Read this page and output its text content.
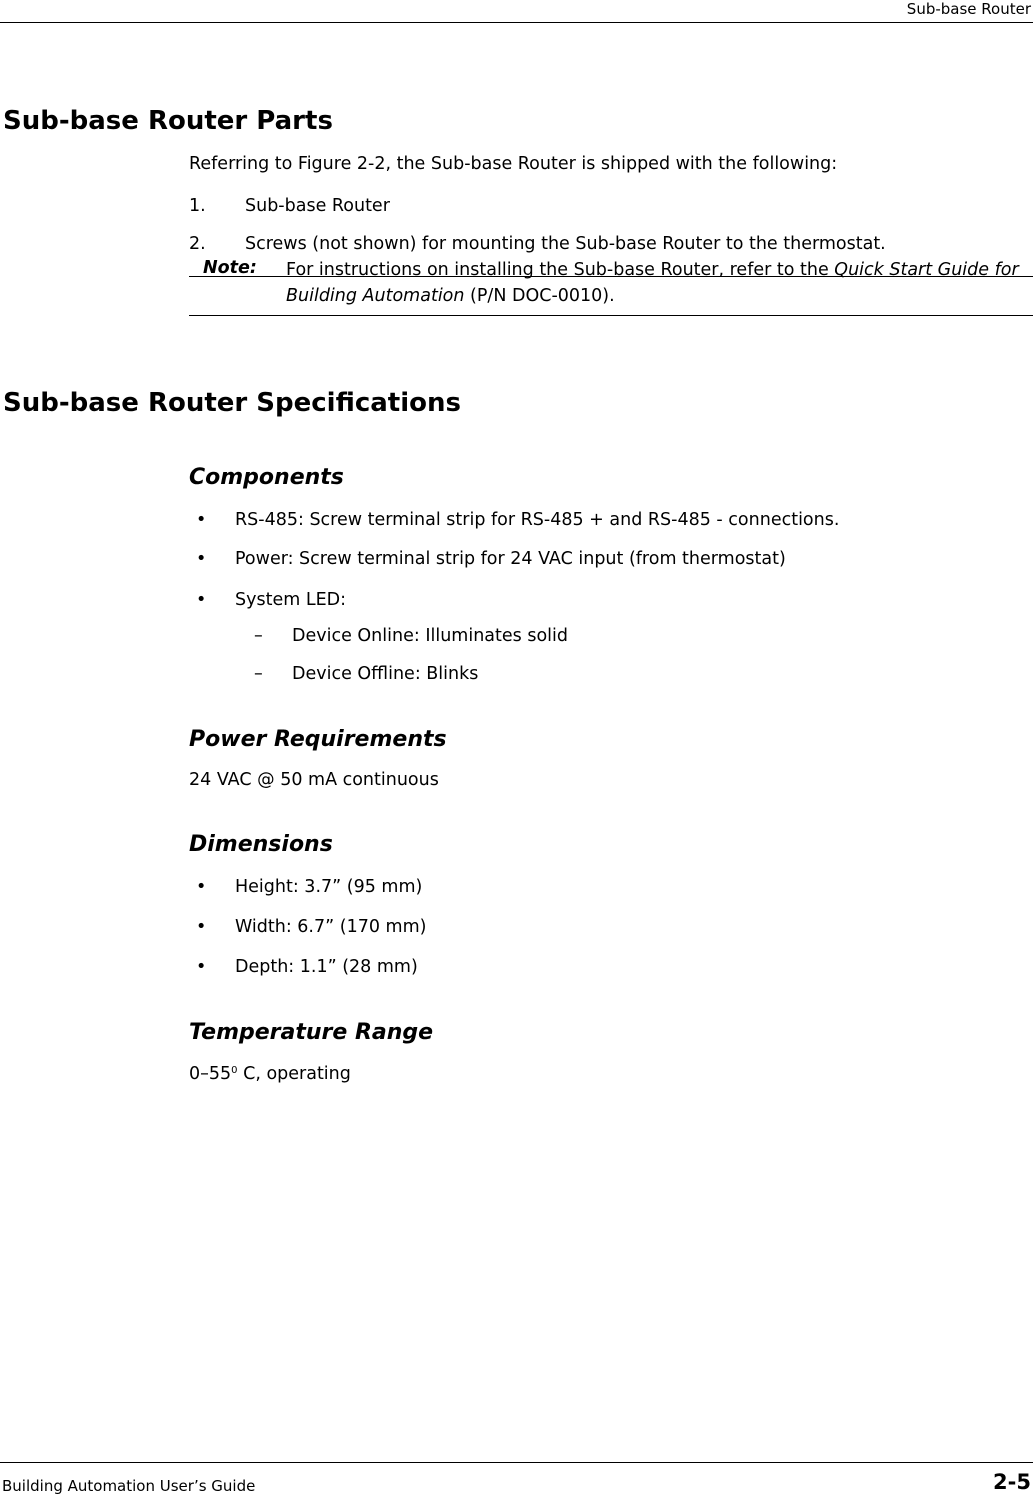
Sub-base Router
Sub-base Router Parts
Referring to Figure 2-2, the Sub-base Router is shipped with the following:
1. Sub-base Router
2. Screws (not shown) for mounting the Sub-base Router to the thermostat.
Note: For instructions on installing the Sub-base Router, refer to the Quick Start Guide for Building Automation (P/N DOC-0010).
Sub-base Router Specifications
Components
• RS-485: Screw terminal strip for RS-485 + and RS-485 - connections.
• Power: Screw terminal strip for 24 VAC input (from thermostat)
• System LED:
– Device Online: Illuminates solid
– Device Offline: Blinks
Power Requirements
24 VAC @ 50 mA continuous
Dimensions
• Height: 3.7” (95 mm)
• Width: 6.7” (170 mm)
• Depth: 1.1” (28 mm)
Temperature Range
$0-55^0$ C, operating
Building Automation User’s Guide	2-5
